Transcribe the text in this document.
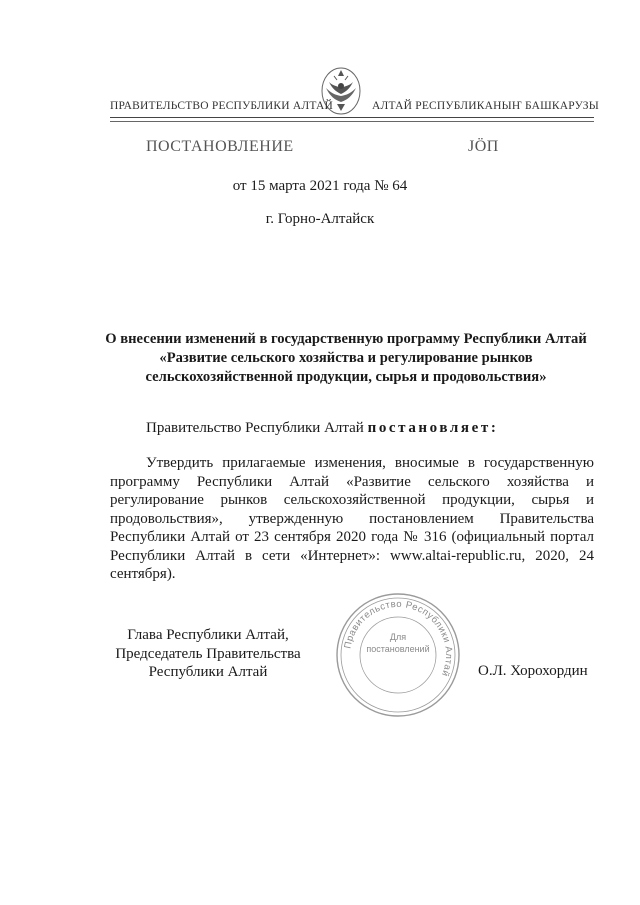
ПРАВИТЕЛЬСТВО РЕСПУБЛИКИ АЛТАЙ	АЛТАЙ РЕСПУБЛИКАНЫҤ БАШКАРУЗЫ
ПОСТАНОВЛЕНИЕ	JÖП
от 15 марта 2021 года № 64
г. Горно-Алтайск
О внесении изменений в государственную программу Республики Алтай «Развитие сельского хозяйства и регулирование рынков сельскохозяйственной продукции, сырья и продовольствия»
Правительство Республики Алтай постановляет:
Утвердить прилагаемые изменения, вносимые в государственную программу Республики Алтай «Развитие сельского хозяйства и регулирование рынков сельскохозяйственной продукции, сырья и продовольствия», утвержденную постановлением Правительства Республики Алтай от 23 сентября 2020 года № 316 (официальный портал Республики Алтай в сети «Интернет»: www.altai-republic.ru, 2020, 24 сентября).
Глава Республики Алтай,
Председатель Правительства
Республики Алтай	О.Л. Хорохордин
Правительство Республики Алтай
Для
постановлений
